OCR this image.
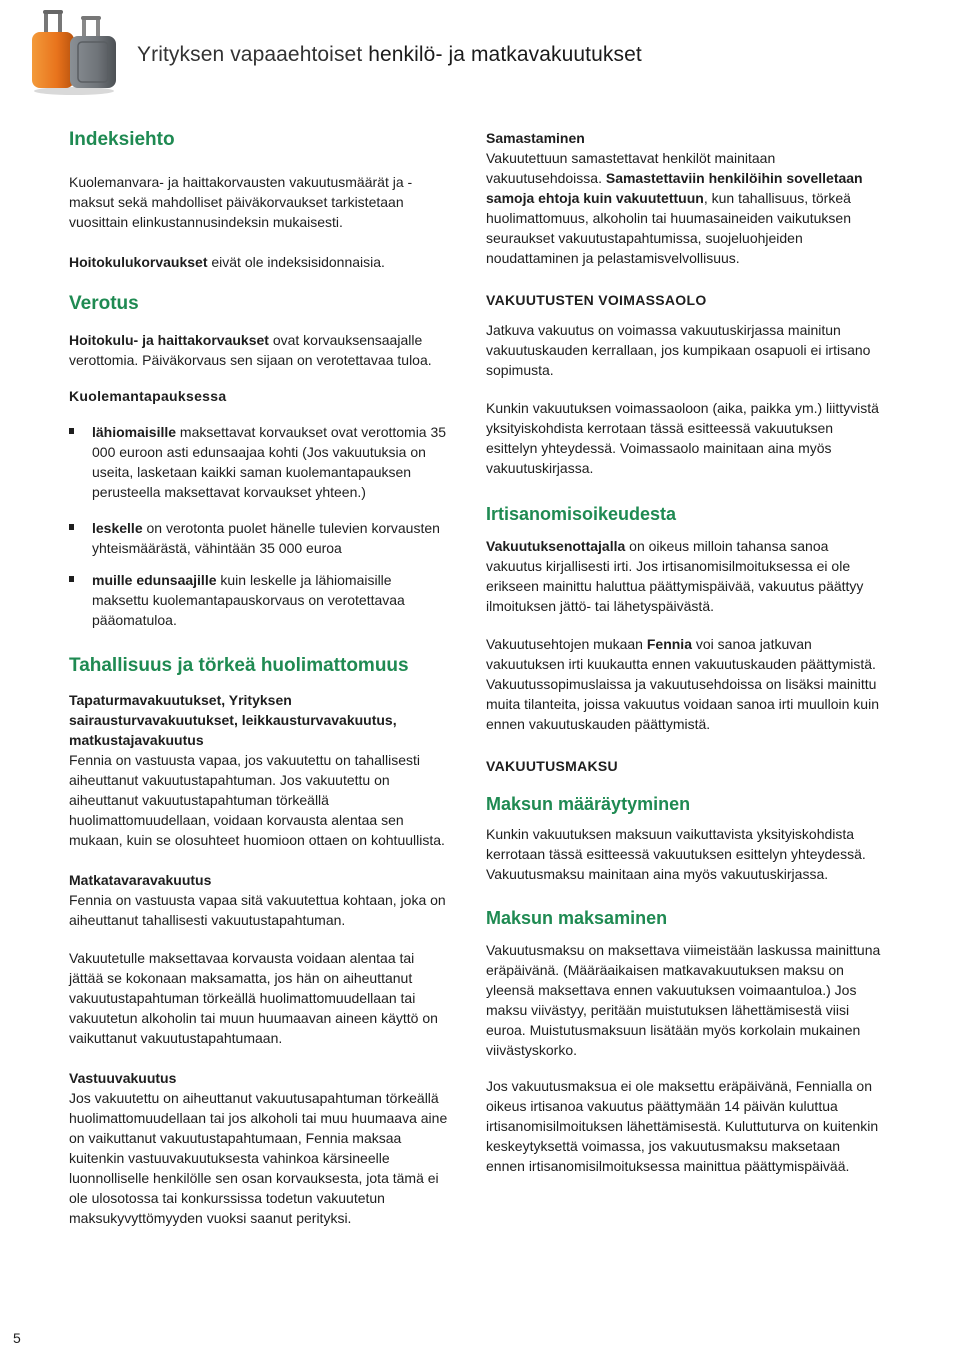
Yrityksen vapaaehtoiset henkilö- ja matkavakuutukset
Indeksiehto
Kuolemanvara- ja haittakorvausten vakuutusmäärät ja -maksut sekä mahdolliset päiväkorvaukset tarkistetaan vuosittain elinkustannusindeksin mukaisesti.
Hoitokulukorvaukset eivät ole indeksisidonnaisia.
Verotus
Hoitokulu- ja haittakorvaukset ovat korvauksensaajalle verottomia. Päiväkorvaus sen sijaan on verotettavaa tuloa.
Kuolemantapauksessa
lähiomaisille maksettavat korvaukset ovat verottomia 35 000 euroon asti edunsaajaa kohti (Jos vakuutuksia on useita, lasketaan kaikki saman kuolemantapauksen perusteella maksettavat korvaukset yhteen.)
leskelle on verotonta puolet hänelle tulevien korvausten yhteismäärästä, vähintään 35 000 euroa
muille edunsaajille kuin leskelle ja lähiomaisille maksettu kuolemantapauskorvaus on verotettavaa pääomatuloa.
Tahallisuus ja törkeä huolimattomuus
Tapaturmavakuutukset, Yrityksen sairausturvavakuutukset, leikkausturvavakuutus, matkustajavakuutus
Fennia on vastuusta vapaa, jos vakuutettu on tahallisesti aiheuttanut vakuutustapahtuman. Jos vakuutettu on aiheuttanut vakuutustapahtuman törkeällä huolimattomuudellaan, voidaan korvausta alentaa sen mukaan, kuin se olosuhteet huomioon ottaen on kohtuullista.
Matkatavaravakuutus
Fennia on vastuusta vapaa sitä vakuutettua kohtaan, joka on aiheuttanut tahallisesti vakuutustapahtuman.
Vakuutetulle maksettavaa korvausta voidaan alentaa tai jättää se kokonaan maksamatta, jos hän on aiheuttanut vakuutustapahtuman törkeällä huolimattomuudellaan tai vakuutetun alkoholin tai muun huumaavan aineen käyttö on vaikuttanut vakuutustapahtumaan.
Vastuuvakuutus
Jos vakuutettu on aiheuttanut vakuutusapahtuman törkeällä huolimattomuudellaan tai jos alkoholi tai muu huumaava aine on vaikuttanut vakuutustapahtumaan, Fennia maksaa kuitenkin vastuuvakuutuksesta vahinkoa kärsineelle luonnolliselle henkilölle sen osan korvauksesta, jota tämä ei ole ulosotossa tai konkurssissa todetun vakuutetun maksukyvyttömyyden vuoksi saanut perityksi.
Samastaminen
Vakuutettuun samastettavat henkilöt mainitaan vakuutusehdoissa. Samastettaviin henkilöihin sovelletaan samoja ehtoja kuin vakuutettuun, kun tahallisuus, törkeä huolimattomuus, alkoholin tai huumasaineiden vaikutuksen seuraukset vakuutustapahtumissa, suojeluohjeiden noudattaminen ja pelastamisvelvollisuus.
VAKUUTUSTEN VOIMASSAOLO
Jatkuva vakuutus on voimassa vakuutuskirjassa mainitun vakuutuskauden kerrallaan, jos kumpikaan osapuoli ei irtisano sopimusta.
Kunkin vakuutuksen voimassaoloon (aika, paikka ym.) liittyvistä yksityiskohdista kerrotaan tässä esitteessä vakuutuksen esittelyn yhteydessä. Voimassaolo mainitaan aina myös vakuutuskirjassa.
Irtisanomisoikeudesta
Vakuutuksenottajalla on oikeus milloin tahansa sanoa vakuutus kirjallisesti irti. Jos irtisanomisilmoituksessa ei ole erikseen mainittu haluttua päättymispäivää, vakuutus päättyy ilmoituksen jättö- tai lähetyspäivästä.
Vakuutusehtojen mukaan Fennia voi sanoa jatkuvan vakuutuksen irti kuukautta ennen vakuutuskauden päättymistä. Vakuutussopimuslaissa ja vakuutusehdoissa on lisäksi mainittu muita tilanteita, joissa vakuutus voidaan sanoa irti muulloin kuin ennen vakuutuskauden päättymistä.
VAKUUTUSMAKSU
Maksun määräytyminen
Kunkin vakuutuksen maksuun vaikuttavista yksityiskohdista kerrotaan tässä esitteessä vakuutuksen esittelyn yhteydessä. Vakuutusmaksu mainitaan aina myös vakuutuskirjassa.
Maksun maksaminen
Vakuutusmaksu on maksettava viimeistään laskussa mainittuna eräpäivänä. (Määräaikaisen matkavakuutuksen maksu on yleensä maksettava ennen vakuutuksen voimaantuloa.) Jos maksu viivästyy, peritään muistutuksen lähettämisestä viisi euroa. Muistutusmaksuun lisätään myös korkolain mukainen viivästyskorko.
Jos vakuutusmaksua ei ole maksettu eräpäivänä, Fennialla on oikeus irtisanoa vakuutus päättymään 14 päivän kuluttua irtisanomisilmoituksen lähettämisestä. Kuluttuturva on kuitenkin keskeytyksettä voimassa, jos vakuutusmaksu maksetaan ennen irtisanomisilmoituksessa mainittua päättymispäivää.
5
